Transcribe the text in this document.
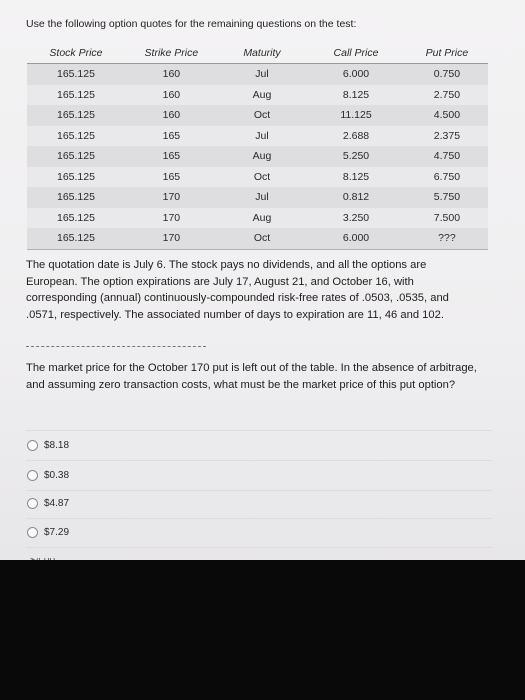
Use the following option quotes for the remaining questions on the test:
Stock Price	Strike Price	Maturity	Call Price	Put Price
165.125	160	Jul	6.000	0.750
165.125	160	Aug	8.125	2.750
165.125	160	Oct	11.125	4.500
165.125	165	Jul	2.688	2.375
165.125	165	Aug	5.250	4.750
165.125	165	Oct	8.125	6.750
165.125	170	Jul	0.812	5.750
165.125	170	Aug	3.250	7.500
165.125	170	Oct	6.000	???
The quotation date is July 6. The stock pays no dividends, and all the options are European. The option expirations are July 17, August 21, and October 16, with corresponding (annual) continuously-compounded risk-free rates of .0503, .0535, and .0571, respectively. The associated number of days to expiration are 11, 46 and 102.
The market price for the October 170 put is left out of the table. In the absence of arbitrage, and assuming zero transaction costs, what must be the market price of this put option?
$8.18
$0.38
$4.87
$7.29
